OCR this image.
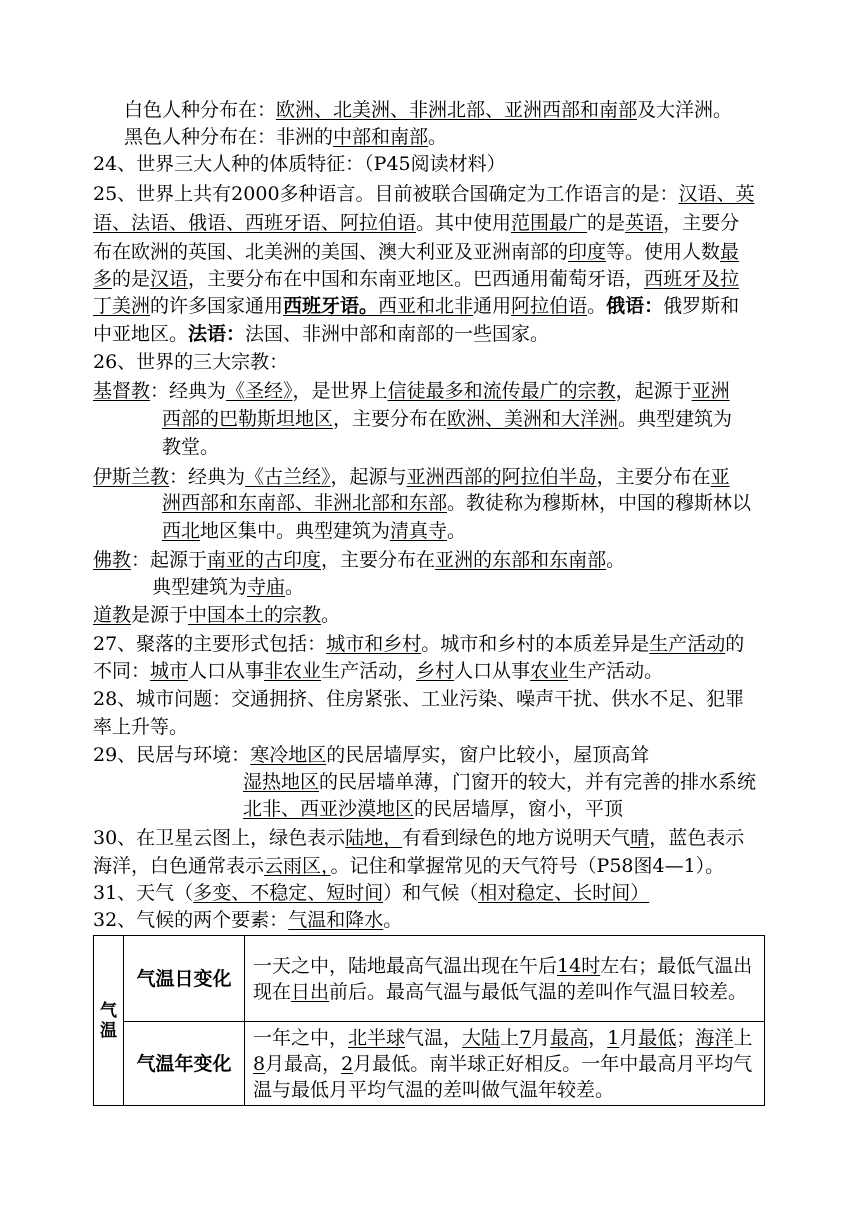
白色人种分布在：欧洲、北美洲、非洲北部、亚洲西部和南部及大洋洲。
黑色人种分布在：非洲的中部和南部。
24、世界三大人种的体质特征：（P45阅读材料）
25、世界上共有2000多种语言。目前被联合国确定为工作语言的是：汉语、英
语、法语、俄语、西班牙语、阿拉伯语。其中使用范围最广的是英语，主要分
布在欧洲的英国、北美洲的美国、澳大利亚及亚洲南部的印度等。使用人数最
多的是汉语，主要分布在中国和东南亚地区。巴西通用葡萄牙语，西班牙及拉
丁美洲的许多国家通用西班牙语。西亚和北非通用阿拉伯语。俄语：俄罗斯和
中亚地区。法语：法国、非洲中部和南部的一些国家。
26、世界的三大宗教：
基督教：经典为《圣经》，是世界上信徒最多和流传最广的宗教，起源于亚洲
西部的巴勒斯坦地区，主要分布在欧洲、美洲和大洋洲。典型建筑为
教堂。
伊斯兰教：经典为《古兰经》，起源与亚洲西部的阿拉伯半岛，主要分布在亚
洲西部和东南部、非洲北部和东部。教徒称为穆斯林，中国的穆斯林以
西北地区集中。典型建筑为清真寺。
佛教：起源于南亚的古印度，主要分布在亚洲的东部和东南部。
典型建筑为寺庙。
道教是源于中国本土的宗教。
27、聚落的主要形式包括：城市和乡村。城市和乡村的本质差异是生产活动的
不同：城市人口从事非农业生产活动，乡村人口从事农业生产活动。
28、城市问题：交通拥挤、住房紧张、工业污染、噪声干扰、供水不足、犯罪
率上升等。
29、民居与环境：寒冷地区的民居墙厚实，窗户比较小，屋顶高耸
湿热地区的民居墙单薄，门窗开的较大，并有完善的排水系统
北非、西亚沙漠地区的民居墙厚，窗小，平顶
30、在卫星云图上，绿色表示陆地，有看到绿色的地方说明天气晴，蓝色表示
海洋，白色通常表示云雨区，。记住和掌握常见的天气符号（P58图4—1）。
31、天气（多变、不稳定、短时间）和气候（相对稳定、长时间）
32、气候的两个要素：气温和降水。
气温	气温日变化	一天之中，陆地最高气温出现在午后14时左右；最低气温出现在日出前后。最高气温与最低气温的差叫作气温日较差。
	气温年变化	一年之中，北半球气温，大陆上7月最高，1月最低；海洋上8月最高，2月最低。南半球正好相反。一年中最高月平均气温与最低月平均气温的差叫做气温年较差。
